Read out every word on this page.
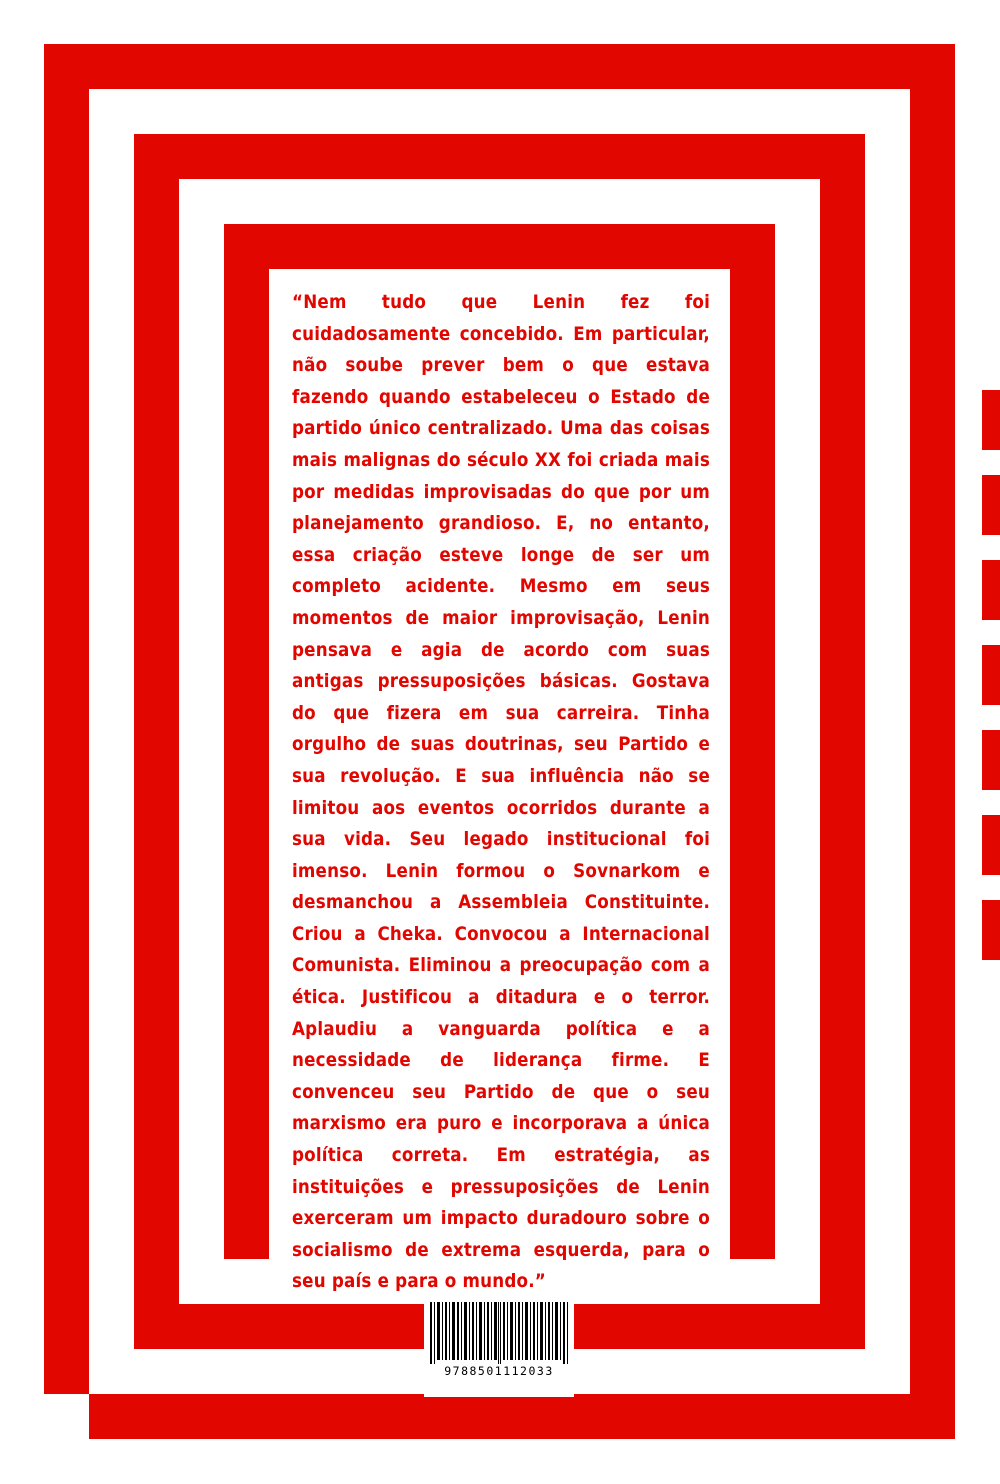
“Nem tudo que Lenin fez foi cuidadosamente concebido. Em particular, não soube prever bem o que estava fazendo quando estabeleceu o Estado de partido único centralizado. Uma das coisas mais malignas do século XX foi criada mais por medidas improvisadas do que por um planejamento grandioso. E, no entanto, essa criação esteve longe de ser um completo acidente. Mesmo em seus momentos de maior improvisação, Lenin pensava e agia de acordo com suas antigas pressuposições básicas. Gostava do que fizera em sua carreira. Tinha orgulho de suas doutrinas, seu Partido e sua revolução. E sua influência não se limitou aos eventos ocorridos durante a sua vida. Seu legado institucional foi imenso. Lenin formou o Sovnarkom e desmanchou a Assembleia Constituinte. Criou a Cheka. Convocou a Internacional Comunista. Eliminou a preocupação com a ética. Justificou a ditadura e o terror. Aplaudiu a vanguarda política e a necessidade de liderança firme. E convenceu seu Partido de que o seu marxismo era puro e incorporava a única política correta. Em estratégia, as instituições e pressuposições de Lenin exerceram um impacto duradouro sobre o socialismo de extrema esquerda, para o seu país e para o mundo.”
9788501112033
